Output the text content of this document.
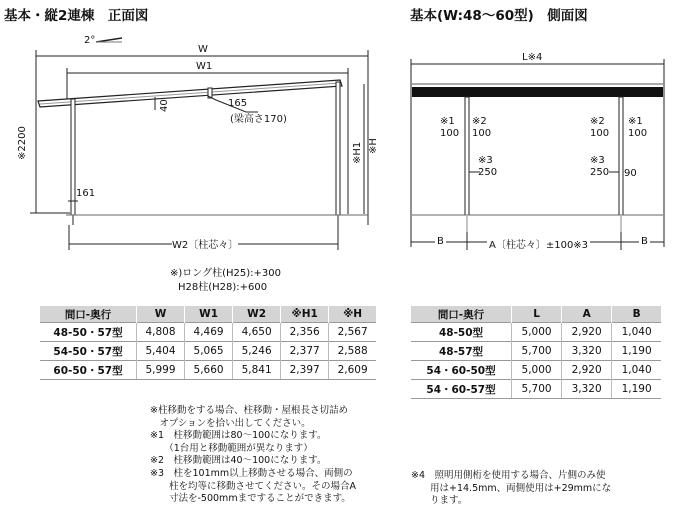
基本・縦2連棟　正面図	基本(W:48〜60型)　側面図
2°
W
W1
※2200
40	165
(梁高さ170)
※H1 ※H
161
W2〔柱芯々〕
※)ロング柱(H25):+300
H28柱(H28):+600
L※4
※1
100
※2
100
※3
250
※2
100
※1
100
※3
250 90
B	A〔柱芯々〕±100※3	B
間口-奥行	W	W1	W2	※H1	※H
48-50・57型	4,808	4,469	4,650	2,356	2,567
54-50・57型	5,404	5,065	5,246	2,377	2,588
60-50・57型	5,999	5,660	5,841	2,397	2,609
間口-奥行	L	A	B
48-50型	5,000	2,920	1,040
48-57型	5,700	3,320	1,190
54・60-50型	5,000	2,920	1,040
54・60-57型	5,700	3,320	1,190
※柱移動をする場合、柱移動・屋根長さ切詰め
　オプションを拾い出してください。
※1　柱移動範囲は80〜100になります。
　　（1台用と移動範囲が異なります）
※2　柱移動範囲は40〜100になります。
※3　柱を101mm以上移動させる場合、両側の
　　柱を均等に移動させてください。その場合A
　　寸法を-500mmまですることができます。
※4　照明用側桁を使用する場合、片側のみ使
　　用は+14.5mm、両側使用は+29mmにな
　　ります。
